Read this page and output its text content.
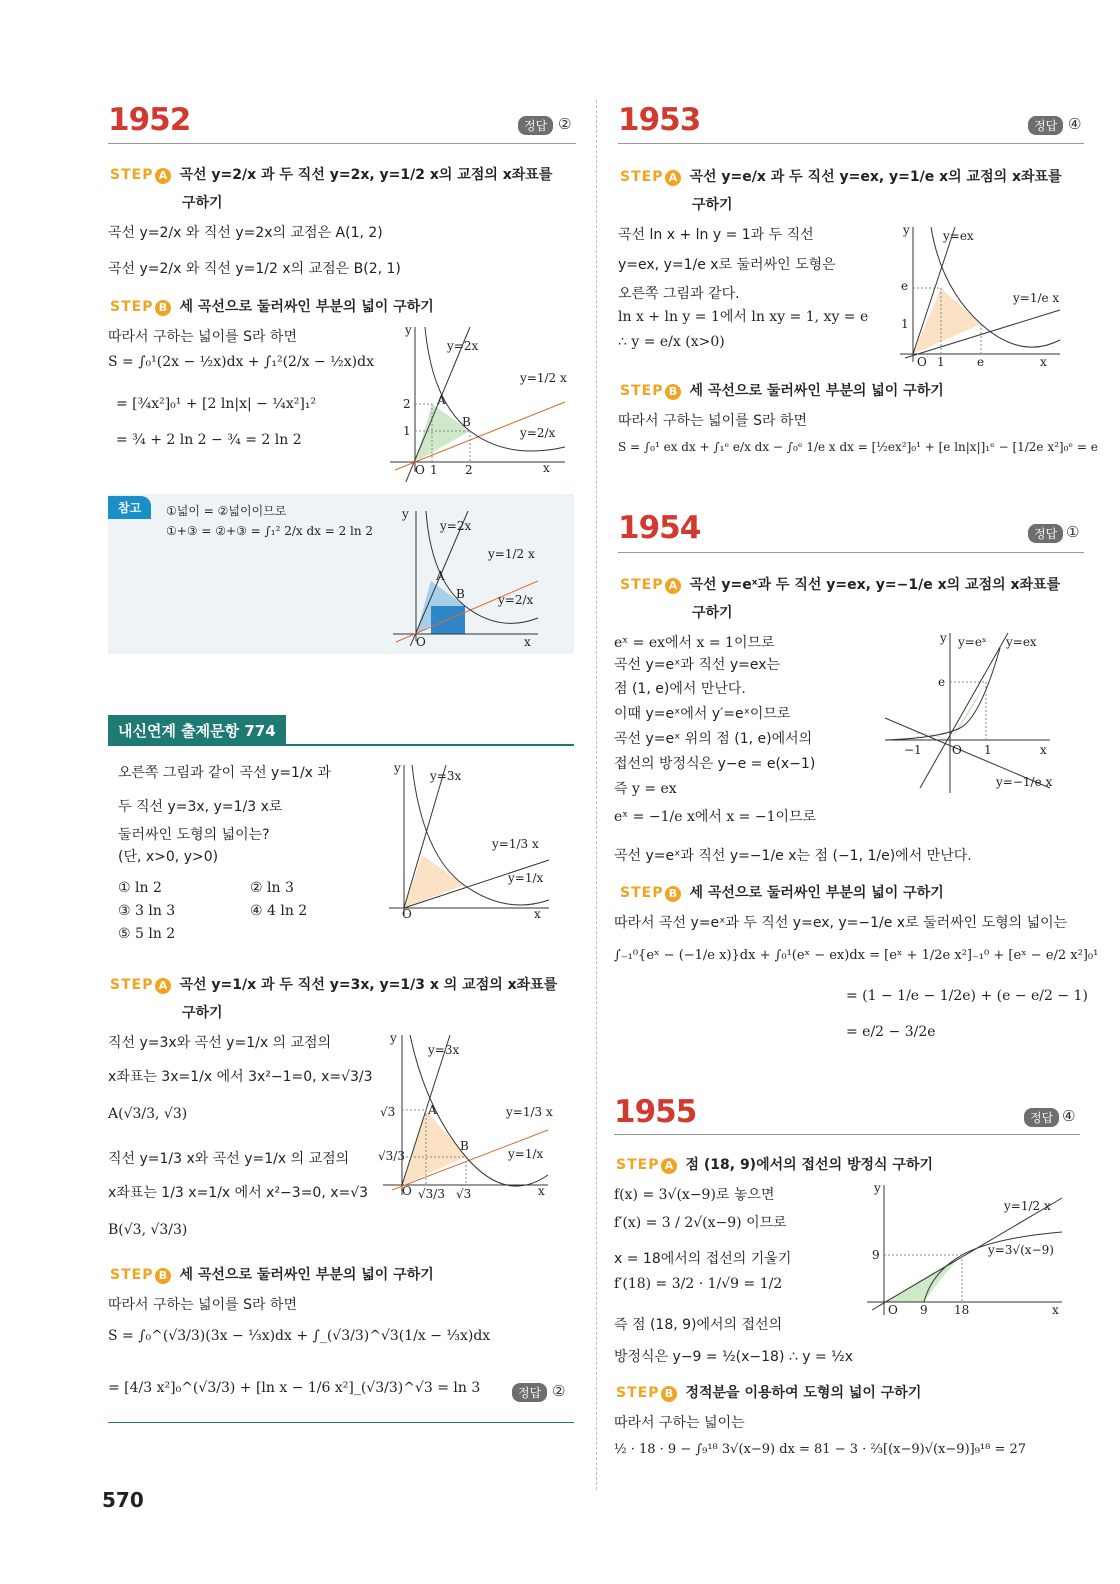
1952	정답 ②
STEP A 곡선 y=2/x 과 두 직선 y=2x, y=1/2 x의 교점의 x좌표를
구하기
곡선 y=2/x 와 직선 y=2x의 교점은 A(1, 2)
곡선 y=2/x 와 직선 y=1/2 x의 교점은 B(2, 1)
STEP B 세 곡선으로 둘러싸인 부분의 넓이 구하기
따라서 구하는 넓이를 S라 하면
S = ∫₀¹(2x − ½x)dx + ∫₁²(2/x − ½x)dx
= [¾x²]₀¹ + [2 ln|x| − ¼x²]₁²
= ¾ + 2 ln 2 − ¾ = 2 ln 2
y
x
y=2x
y=1/2 x
y=2/x
A
B
O 1 2
2
1
참고	①넓이 = ②넓이이므로
①+③ = ②+③ = ∫₁² 2/x dx = 2 ln 2	y=2x
y=1/2 x
y=2/x
A
B
O
y
x
내신연계 출제문항 774
오른쪽 그림과 같이 곡선 y=1/x 과
두 직선 y=3x, y=1/3 x로
둘러싸인 도형의 넓이는?
(단, x>0, y>0)
① ln 2	② ln 3
③ 3 ln 3	④ 4 ln 2
⑤ 5 ln 2
y
x
O
y=3x
y=1/3 x
y=1/x
STEP A 곡선 y=1/x 과 두 직선 y=3x, y=1/3 x 의 교점의 x좌표를
구하기
직선 y=3x와 곡선 y=1/x 의 교점의
x좌표는 3x=1/x 에서 3x²−1=0, x=√3/3
A(√3/3, √3)
직선 y=1/3 x와 곡선 y=1/x 의 교점의
x좌표는 1/3 x=1/x 에서 x²−3=0, x=√3
B(√3, √3/3)
y
x
O
y=3x
y=1/3 x
y=1/x
A
B
√3
√3/3
√3/3 √3
STEP B 세 곡선으로 둘러싸인 부분의 넓이 구하기
따라서 구하는 넓이를 S라 하면
S = ∫₀^(√3/3)(3x − ⅓x)dx + ∫_(√3/3)^√3(1/x − ⅓x)dx
= [4/3 x²]₀^(√3/3) + [ln x − 1/6 x²]_(√3/3)^√3 = ln 3	정답 ②
570
1953	정답 ④
STEP A 곡선 y=e/x 과 두 직선 y=ex, y=1/e x의 교점의 x좌표를
구하기
곡선 ln x + ln y = 1과 두 직선
y=ex, y=1/e x로 둘러싸인 도형은
오른쪽 그림과 같다.
ln x + ln y = 1에서 ln xy = 1, xy = e
∴ y = e/x (x>0)
y
x
O 1	e
e
1
y=ex
y=1/e x
STEP B 세 곡선으로 둘러싸인 부분의 넓이 구하기
따라서 구하는 넓이를 S라 하면
S = ∫₀¹ ex dx + ∫₁ᵉ e/x dx − ∫₀ᵉ 1/e x dx = [½ex²]₀¹ + [e ln|x|]₁ᵉ − [1/2e x²]₀ᵉ = e
1954	정답 ①
STEP A 곡선 y=eˣ과 두 직선 y=ex, y=−1/e x의 교점의 x좌표를
구하기
eˣ = ex에서 x = 1이므로
곡선 y=eˣ과 직선 y=ex는
점 (1, e)에서 만난다.
이때 y=eˣ에서 y′=eˣ이므로
곡선 y=eˣ 위의 점 (1, e)에서의
접선의 방정식은 y−e = e(x−1)
즉 y = ex
eˣ = −1/e x에서 x = −1이므로
곡선 y=eˣ과 직선 y=−1/e x는 점 (−1, 1/e)에서 만난다.
y
x
O
e
−1	1
y=eˣ y=ex
y=−1/e x
STEP B 세 곡선으로 둘러싸인 부분의 넓이 구하기
따라서 곡선 y=eˣ과 두 직선 y=ex, y=−1/e x로 둘러싸인 도형의 넓이는
∫₋₁⁰{eˣ − (−1/e x)}dx + ∫₀¹(eˣ − ex)dx = [eˣ + 1/2e x²]₋₁⁰ + [eˣ − e/2 x²]₀¹
= (1 − 1/e − 1/2e) + (e − e/2 − 1)
= e/2 − 3/2e
1955	정답 ④
STEP A 점 (18, 9)에서의 접선의 방정식 구하기
f(x) = 3√(x−9)로 놓으면
f′(x) = 3 / 2√(x−9) 이므로
x = 18에서의 접선의 기울기
f′(18) = 3/2 · 1/√9 = 1/2
즉 점 (18, 9)에서의 접선의
방정식은 y−9 = ½(x−18) ∴ y = ½x
y
x
O 9 18
9
y=1/2 x
y=3√(x−9)
STEP B 정적분을 이용하여 도형의 넓이 구하기
따라서 구하는 넓이는
½ · 18 · 9 − ∫₉¹⁸ 3√(x−9) dx = 81 − 3 · ⅔[(x−9)√(x−9)]₉¹⁸ = 27
